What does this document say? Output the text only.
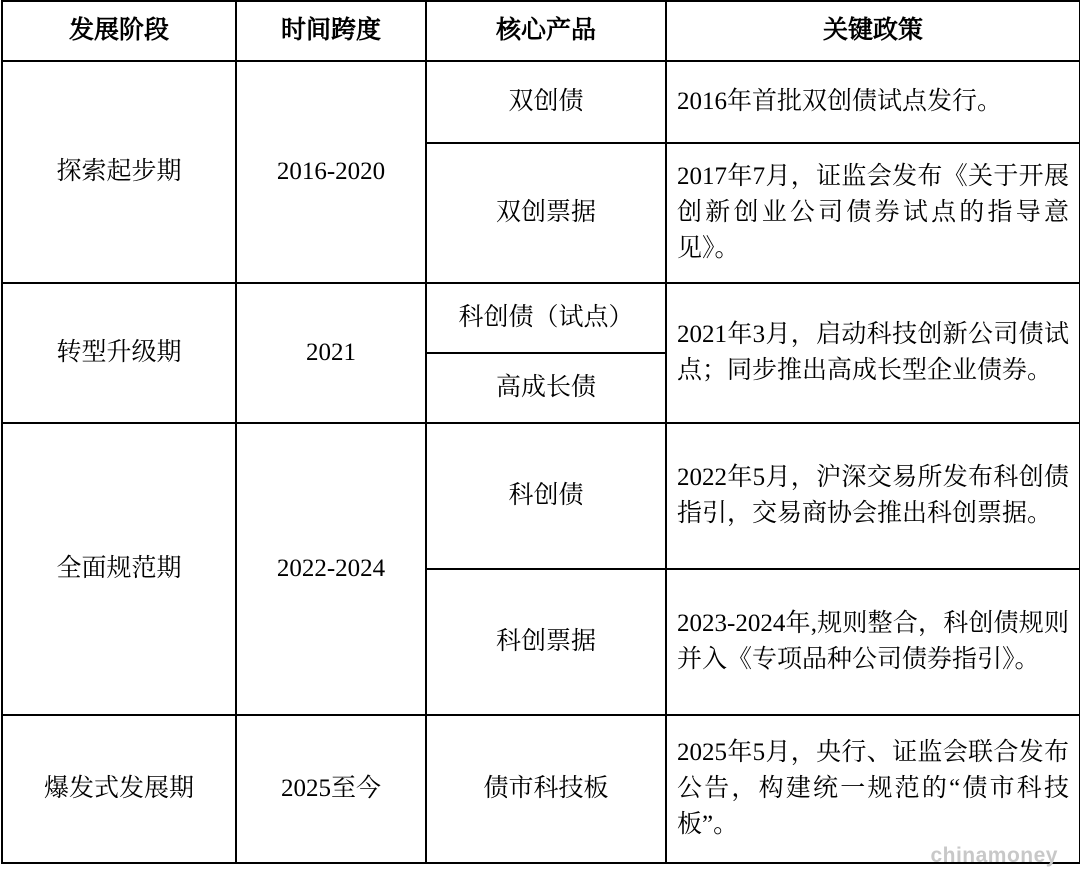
发展阶段	时间跨度	核心产品	关键政策
探索起步期	2016-2020	双创债	2016年首批双创债试点发行。
		双创票据	2017年7月，证监会发布《关于开展创新创业公司债券试点的指导意见》。
转型升级期	2021	科创债（试点）	2021年3月，启动科技创新公司债试点；同步推出高成长型企业债券。
		高成长债	
全面规范期	2022-2024	科创债	2022年5月，沪深交易所发布科创债指引，交易商协会推出科创票据。
		科创票据	2023-2024年,规则整合，科创债规则并入《专项品种公司债券指引》。
爆发式发展期	2025至今	债市科技板	2025年5月，央行、证监会联合发布公告，构建统一规范的“债市科技板”。
chinamoney
